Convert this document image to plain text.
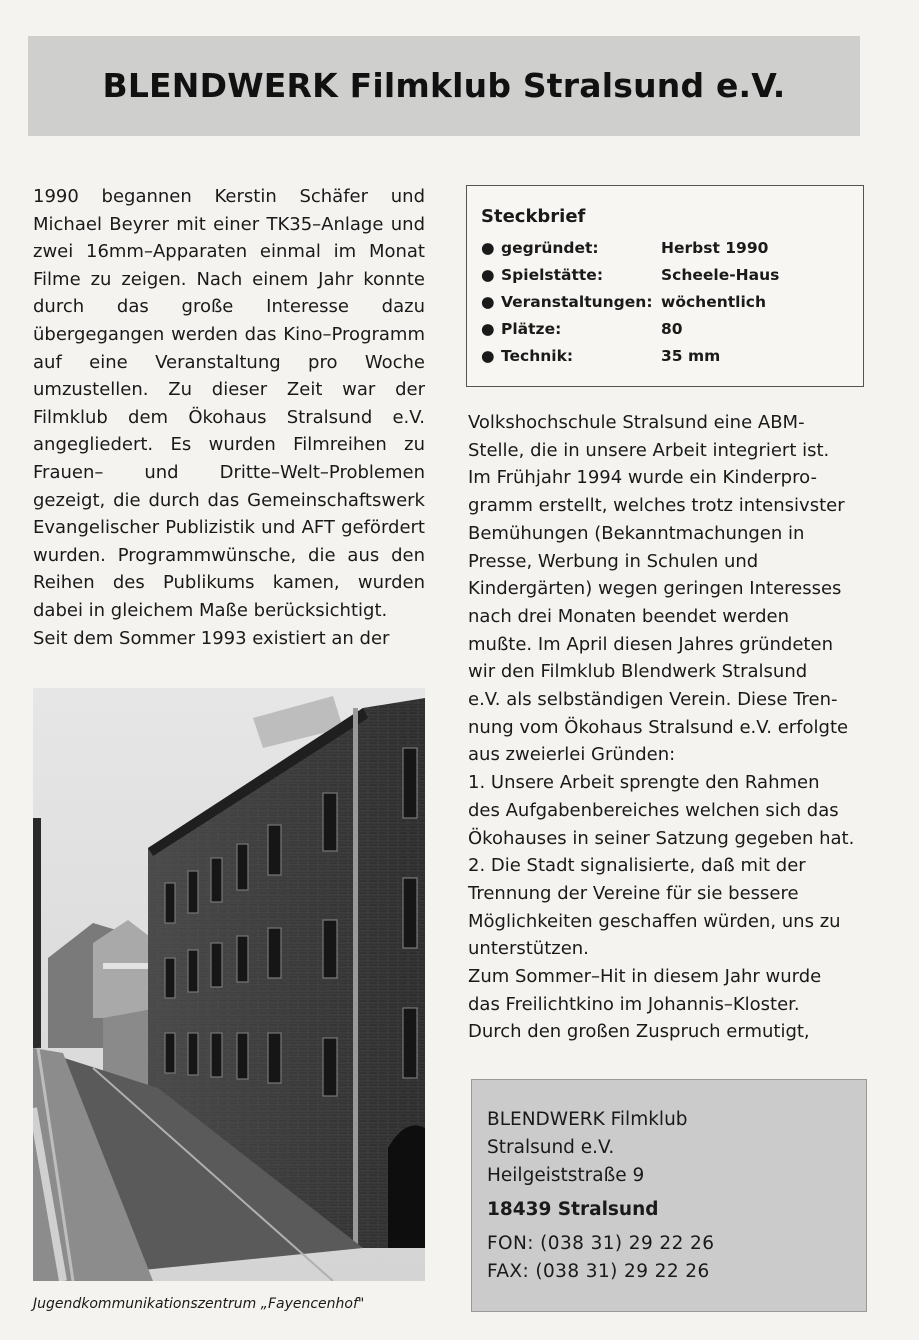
BLENDWERK Filmklub Stralsund e.V.

1990 begannen Kerstin Schäfer und Michael Beyrer mit einer TK35–Anlage und zwei 16mm–Apparaten einmal im Monat Filme zu zeigen. Nach einem Jahr konnte durch das große Interesse dazu übergegangen werden das Kino–Programm auf eine Veranstaltung pro Woche umzustellen. Zu dieser Zeit war der Filmklub dem Ökohaus Stralsund e.V. angegliedert. Es wurden Filmreihen zu Frauen– und Dritte–Welt–Problemen gezeigt, die durch das Gemeinschaftswerk Evangelischer Publizistik und AFT gefördert wurden. Programmwünsche, die aus den Reihen des Publikums kamen, wurden dabei in gleichem Maße berücksichtigt.

Seit dem Sommer 1993 existiert an der

Steckbrief
● gegründet:	Herbst 1990
● Spielstätte:	Scheele-Haus
● Veranstaltungen: wöchentlich
● Plätze:	80
● Technik:	35 mm
Volkshochschule Stralsund eine ABM-
Stelle, die in unsere Arbeit integriert ist.
Im Frühjahr 1994 wurde ein Kinderpro-
gramm erstellt, welches trotz intensivster
Bemühungen (Bekanntmachungen in
Presse, Werbung in Schulen und
Kindergärten) wegen geringen Interesses
nach drei Monaten beendet werden
mußte. Im April diesen Jahres gründeten
wir den Filmklub Blendwerk Stralsund
e.V. als selbständigen Verein. Diese Tren-
nung vom Ökohaus Stralsund e.V. erfolgte
aus zweierlei Gründen:
1. Unsere Arbeit sprengte den Rahmen
des Aufgabenbereiches welchen sich das
Ökohauses in seiner Satzung gegeben hat.
2. Die Stadt signalisierte, daß mit der
Trennung der Vereine für sie bessere
Möglichkeiten geschaffen würden, uns zu
unterstützen.
Zum Sommer–Hit in diesem Jahr wurde
das Freilichtkino im Johannis–Kloster.
Durch den großen Zuspruch ermutigt,
Jugendkommunikationszentrum „Fayencenhof"
BLENDWERK Filmklub
Stralsund e.V.
Heilgeiststraße 9
18439 Stralsund
FON: (038 31) 29 22 26
FAX: (038 31) 29 22 26
